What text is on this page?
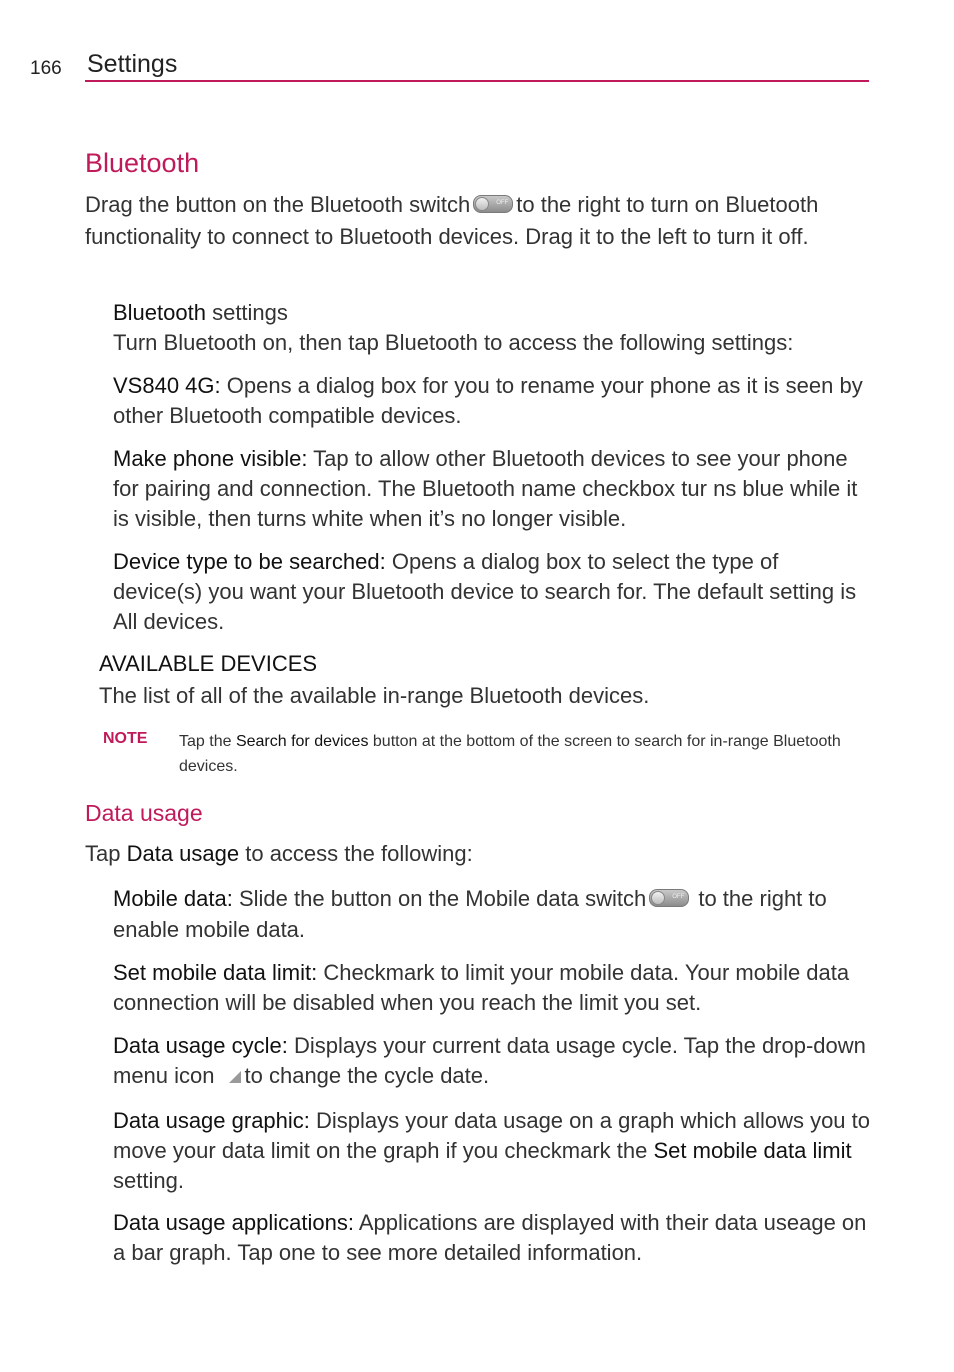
166 Settings
Bluetooth

Drag the button on the Bluetooth switch	OFF to the right to turn on Bluetooth functionality to connect to Bluetooth devices. Drag it to the left to turn it off.

Bluetooth settings

Turn Bluetooth on, then tap Bluetooth to access the following settings:

VS840 4G: Opens a dialog box for you to rename your phone as it is seen by other Bluetooth compatible devices.

Make phone visible: Tap to allow other Bluetooth devices to see your phone for pairing and connection. The Bluetooth name checkbox tur ns blue while it is visible, then turns white when it’s no longer visible.

Device type to be searched: Opens a dialog box to select the type of device(s) you want your Bluetooth device to search for. The default setting is All devices.

AVAILABLE DEVICES

The list of all of the available in-range Bluetooth devices.

NOTE Tap the Search for devices button at the bottom of the screen to search for in-range Bluetooth devices.

Data usage

Tap Data usage to access the following:

Mobile data: Slide the button on the Mobile data switch	OFF to the right to enable mobile data.

Set mobile data limit: Checkmark to limit your mobile data. Your mobile data connection will be disabled when you reach the limit you set.

Data usage cycle: Displays your current data usage cycle. Tap the drop-down menu icon to change the cycle date.

Data usage graphic: Displays your data usage on a graph which allows you to move your data limit on the graph if you checkmark the Set mobile data limit setting.

Data usage applications: Applications are displayed with their data useage on a bar graph. Tap one to see more detailed information.
